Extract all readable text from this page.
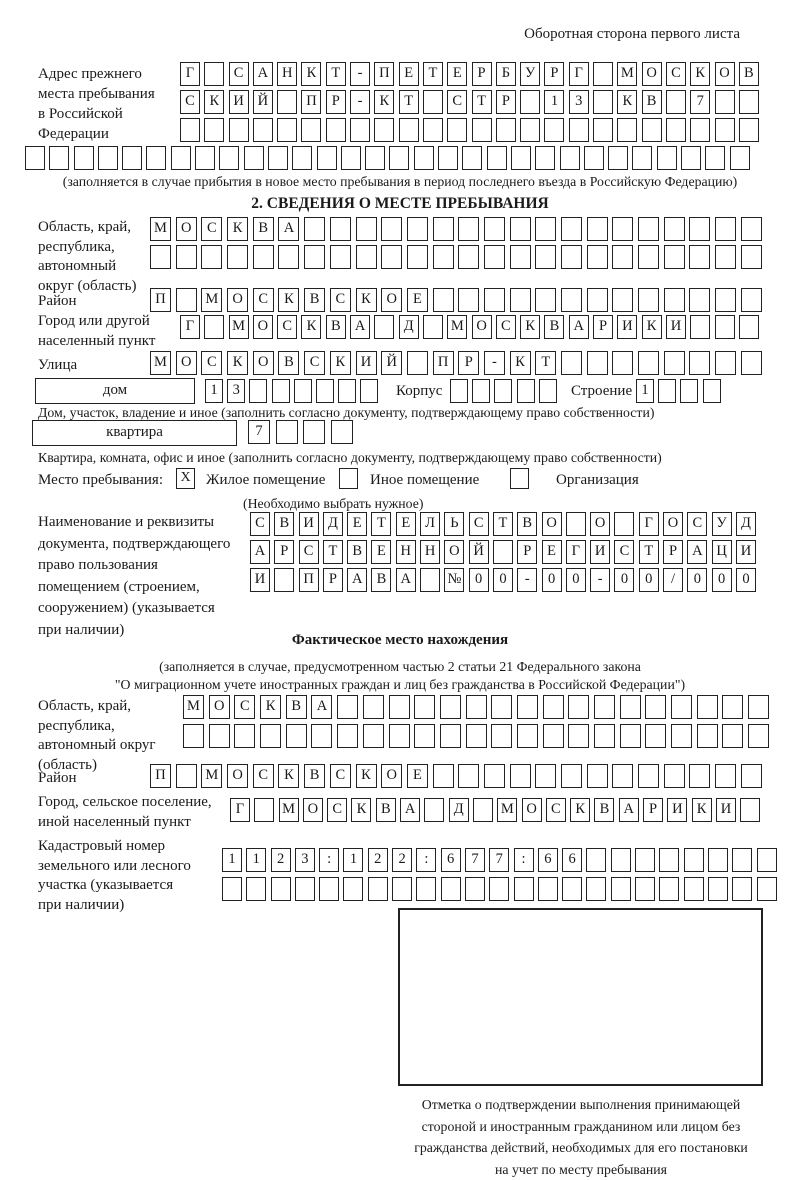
Оборотная сторона первого листа
Адрес прежнего
места пребывания
в Российской
Федерации
Г	С А Н К	Т	-	П	Е	Т	Е	Р	Б	У	Р	Г	М О С	К О В
С	К И Й	П	Р	-	К	Т	С	Т	Р	1	3	К	В	7
(заполняется в случае прибытия в новое место пребывания в период последнего въезда в Российскую Федерацию)
2. СВЕДЕНИЯ О МЕСТЕ ПРЕБЫВАНИЯ
Область, край,
республика,
автономный
округ (область)
М О	С	К	В	А
Район	П	М О	С	К	В	С	К	О	Е
Город или другой
населенный пункт
Г	М О С	К	В А	Д	М О С	К	В А	Р	И К И
Улица	М О	С	К	О	В	С	К	И	Й	П	Р	-	К	Т
дом	1	3	Корпус	Строение 1
Дом, участок, владение и иное (заполнить согласно документу, подтверждающему право собственности)
квартира	7
Квартира, комната, офис и иное (заполнить согласно документу, подтверждающему право собственности)
Место пребывания:	X Жилое помещение	Иное помещение	Организация
(Необходимо выбрать нужное)
Наименование и реквизиты
документа, подтверждающего
право пользования
помещением (строением,
сооружением) (указывается
при наличии)
С	В И Д	Е	Т	Е	Л	Ь	С	Т	В О	О	Г	О С У Д
А	Р	С	Т	В	Е	Н Н О Й	Р	Е	Г	И С	Т	Р	А Ц И
И	П	Р	А В А	№ 0	0	-	0	0	-	0	0	/	0	0	0
Фактическое место нахождения
(заполняется в случае, предусмотренном частью 2 статьи 21 Федерального закона
"О миграционном учете иностранных граждан и лиц без гражданства в Российской Федерации")
Область, край,
республика,
автономный округ
(область)
М О	С	К	В	А
Район	П	М О	С	К	В	С	К	О	Е
Город, сельское поселение,
иной населенный пункт
Г	М О С	К	В А	Д	М О С	К	В А	Р	И К И
Кадастровый номер
земельного или лесного
участка (указывается
при наличии)
1	1	2	3	:	1	2	2	:	6	7	7	:	6	6
Отметка о подтверждении выполнения принимающей
стороной и иностранным гражданином или лицом без
гражданства действий, необходимых для его постановки
на учет по месту пребывания
